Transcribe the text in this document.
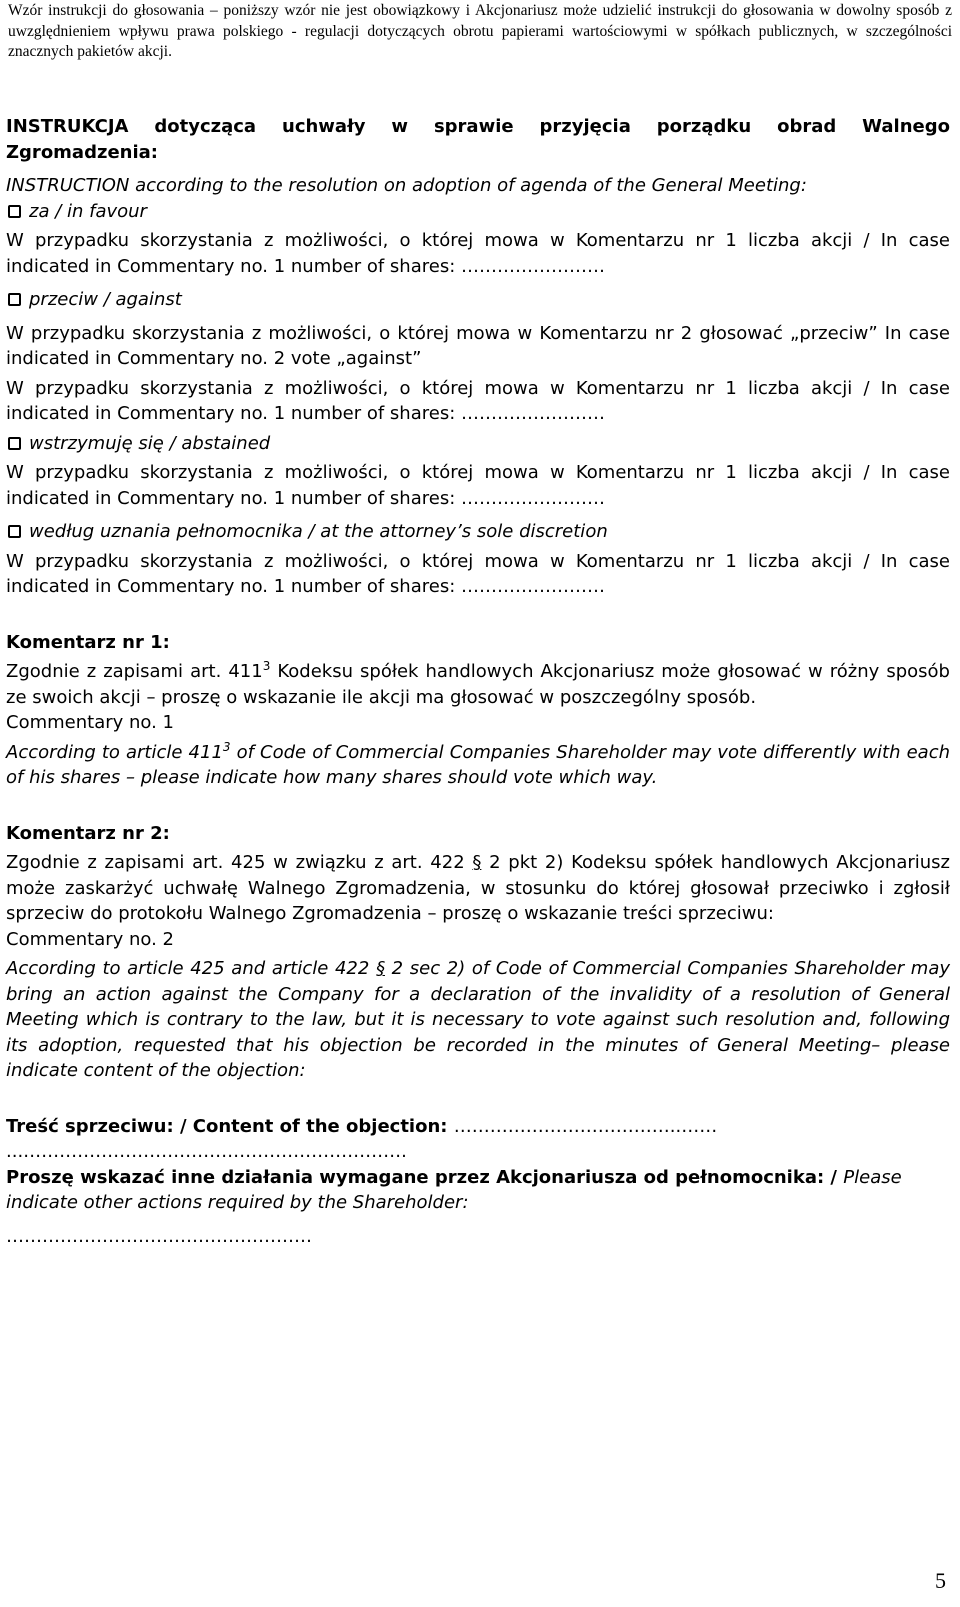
Wzór instrukcji do głosowania – poniższy wzór nie jest obowiązkowy i Akcjonariusz może udzielić instrukcji do głosowania w dowolny sposób z uwzględnieniem wpływu prawa polskiego - regulacji dotyczących obrotu papierami wartościowymi w spółkach publicznych, w szczególności znacznych pakietów akcji.

INSTRUKCJA dotycząca uchwały w sprawie przyjęcia porządku obrad Walnego Zgromadzenia:

INSTRUCTION according to the resolution on adoption of agenda of the General Meeting:

za / in favour

W przypadku skorzystania z możliwości, o której mowa w Komentarzu nr 1 liczba akcji / In case indicated in Commentary no. 1 number of shares: ……………………

przeciw / against

W przypadku skorzystania z możliwości, o której mowa w Komentarzu nr 2 głosować „przeciw” In case indicated in Commentary no. 2 vote „against”

W przypadku skorzystania z możliwości, o której mowa w Komentarzu nr 1 liczba akcji / In case indicated in Commentary no. 1 number of shares: ……………………

wstrzymuję się / abstained

W przypadku skorzystania z możliwości, o której mowa w Komentarzu nr 1 liczba akcji / In case indicated in Commentary no. 1 number of shares: ……………………

według uznania pełnomocnika / at the attorney’s sole discretion

W przypadku skorzystania z możliwości, o której mowa w Komentarzu nr 1 liczba akcji / In case indicated in Commentary no. 1 number of shares: ……………………

Komentarz nr 1:

Zgodnie z zapisami art. $411^3$ Kodeksu spółek handlowych Akcjonariusz może głosować w różny sposób ze swoich akcji – proszę o wskazanie ile akcji ma głosować w poszczególny sposób.

Commentary no. 1

According to article $411^3$ of Code of Commercial Companies Shareholder may vote differently with each of his shares – please indicate how many shares should vote which way.

Komentarz nr 2:

Zgodnie z zapisami art. 425 w związku z art. 422 § 2 pkt 2) Kodeksu spółek handlowych Akcjonariusz może zaskarżyć uchwałę Walnego Zgromadzenia, w stosunku do której głosował przeciwko i zgłosił sprzeciw do protokołu Walnego Zgromadzenia – proszę o wskazanie treści sprzeciwu:

Commentary no. 2

According to article 425 and article 422 § 2 sec 2) of Code of Commercial Companies Shareholder may bring an action against the Company for a declaration of the invalidity of a resolution of General Meeting which is contrary to the law, but it is necessary to vote against such resolution and, following its adoption, requested that his objection be recorded in the minutes of General Meeting– please indicate content of the objection:

Treść sprzeciwu: / Content of the objection: ………………………………..……

...……………………………………………………….

Proszę wskazać inne działania wymagane przez Akcjonariusza od pełnomocnika: / Please indicate other actions required by the Shareholder:

……………………………………………

5
